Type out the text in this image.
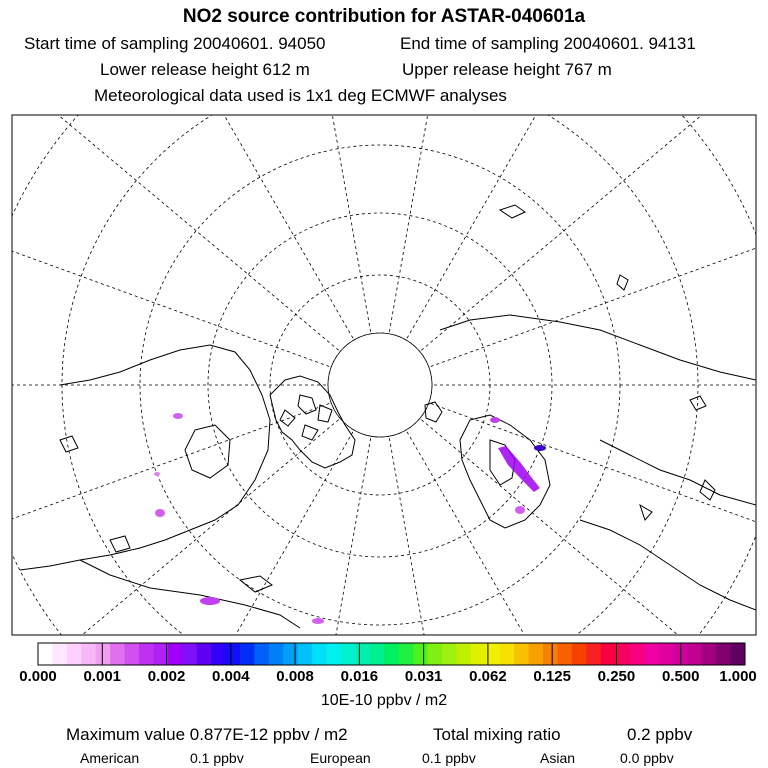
NO2 source contribution for ASTAR-040601a
Start time of sampling 20040601. 94050	End time of sampling 20040601. 94131
Lower release height 612 m	Upper release height 767 m
Meteorological data used is 1x1 deg ECMWF analyses
0.000 0.001 0.002 0.004 0.008 0.016 0.031 0.062 0.125 0.250 0.500 1.000
10E-10 ppbv / m2
Maximum value 0.877E-12 ppbv / m2	Total mixing ratio	0.2 ppbv
American	0.1 ppbv	European	0.1 ppbv	Asian	0.0 ppbv
